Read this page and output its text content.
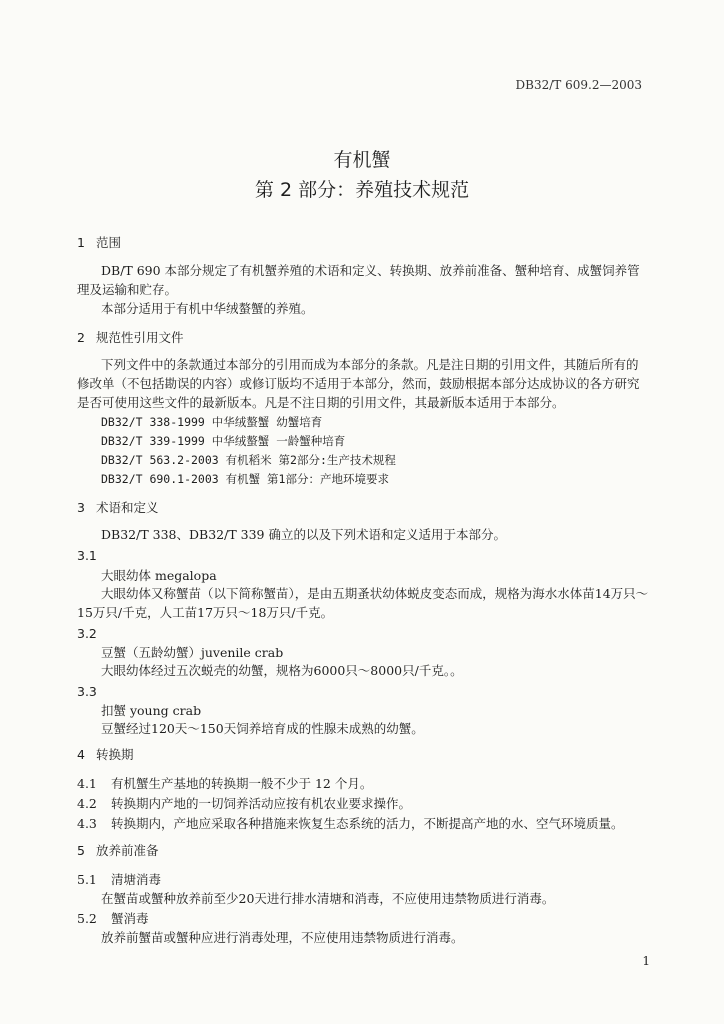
DB32/T 609.2—2003
有机蟹
第 2 部分：养殖技术规范
1 范围
DB/T 690 本部分规定了有机蟹养殖的术语和定义、转换期、放养前准备、蟹种培育、成蟹饲养管
理及运输和贮存。
本部分适用于有机中华绒螯蟹的养殖。
2 规范性引用文件
下列文件中的条款通过本部分的引用而成为本部分的条款。凡是注日期的引用文件，其随后所有的
修改单（不包括勘误的内容）或修订版均不适用于本部分，然而，鼓励根据本部分达成协议的各方研究
是否可使用这些文件的最新版本。凡是不注日期的引用文件，其最新版本适用于本部分。
DB32/T 338-1999 中华绒螯蟹 幼蟹培育
DB32/T 339-1999 中华绒螯蟹 一龄蟹种培育
DB32/T 563.2-2003 有机稻米 第2部分:生产技术规程
DB32/T 690.1-2003 有机蟹 第1部分：产地环境要求
3 术语和定义
DB32/T 338、DB32/T 339 确立的以及下列术语和定义适用于本部分。
3.1
大眼幼体 megalopa
大眼幼体又称蟹苗（以下简称蟹苗），是由五期蚤状幼体蜕皮变态而成，规格为海水水体苗14万只～
15万只/千克，人工苗17万只～18万只/千克。
3.2
豆蟹（五龄幼蟹）juvenile crab
大眼幼体经过五次蜕壳的幼蟹，规格为6000只～8000只/千克。。
3.3
扣蟹 young crab
豆蟹经过120天～150天饲养培育成的性腺未成熟的幼蟹。
4 转换期
4.1 有机蟹生产基地的转换期一般不少于 12 个月。
4.2 转换期内产地的一切饲养活动应按有机农业要求操作。
4.3 转换期内，产地应采取各种措施来恢复生态系统的活力，不断提高产地的水、空气环境质量。
5 放养前准备
5.1 清塘消毒
在蟹苗或蟹种放养前至少20天进行排水清塘和消毒，不应使用违禁物质进行消毒。
5.2 蟹消毒
放养前蟹苗或蟹种应进行消毒处理，不应使用违禁物质进行消毒。
1
